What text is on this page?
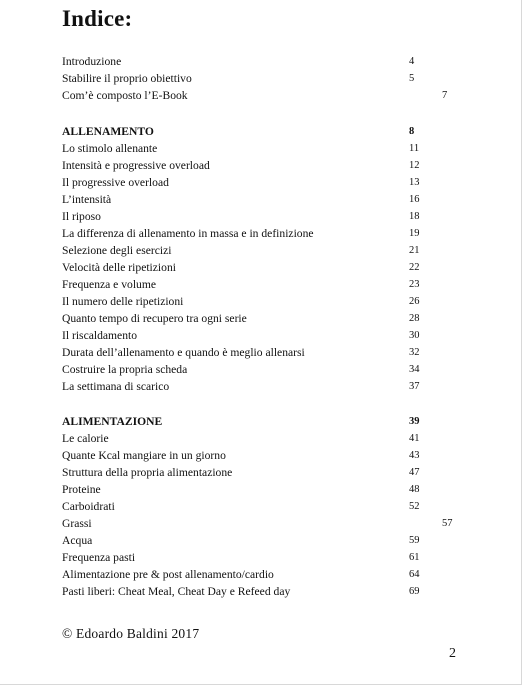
Indice:
Introduzione	4
Stabilire il proprio obiettivo	5
Com’è composto l’E-Book	7
ALLENAMENTO	8
Lo stimolo allenante	11
Intensità e progressive overload	12
Il progressive overload	13
L’intensità	16
Il riposo	18
La differenza di allenamento in massa e in definizione	19
Selezione degli esercizi	21
Velocità delle ripetizioni	22
Frequenza e volume	23
Il numero delle ripetizioni	26
Quanto tempo di recupero tra ogni serie	28
Il riscaldamento	30
Durata dell’allenamento e quando è meglio allenarsi	32
Costruire la propria scheda	34
La settimana di scarico	37
ALIMENTAZIONE	39
Le calorie	41
Quante Kcal mangiare in un giorno	43
Struttura della propria alimentazione	47
Proteine	48
Carboidrati	52
Grassi	57
Acqua	59
Frequenza pasti	61
Alimentazione pre & post allenamento/cardio	64
Pasti liberi: Cheat Meal, Cheat Day e Refeed day	69
© Edoardo Baldini 2017
2
